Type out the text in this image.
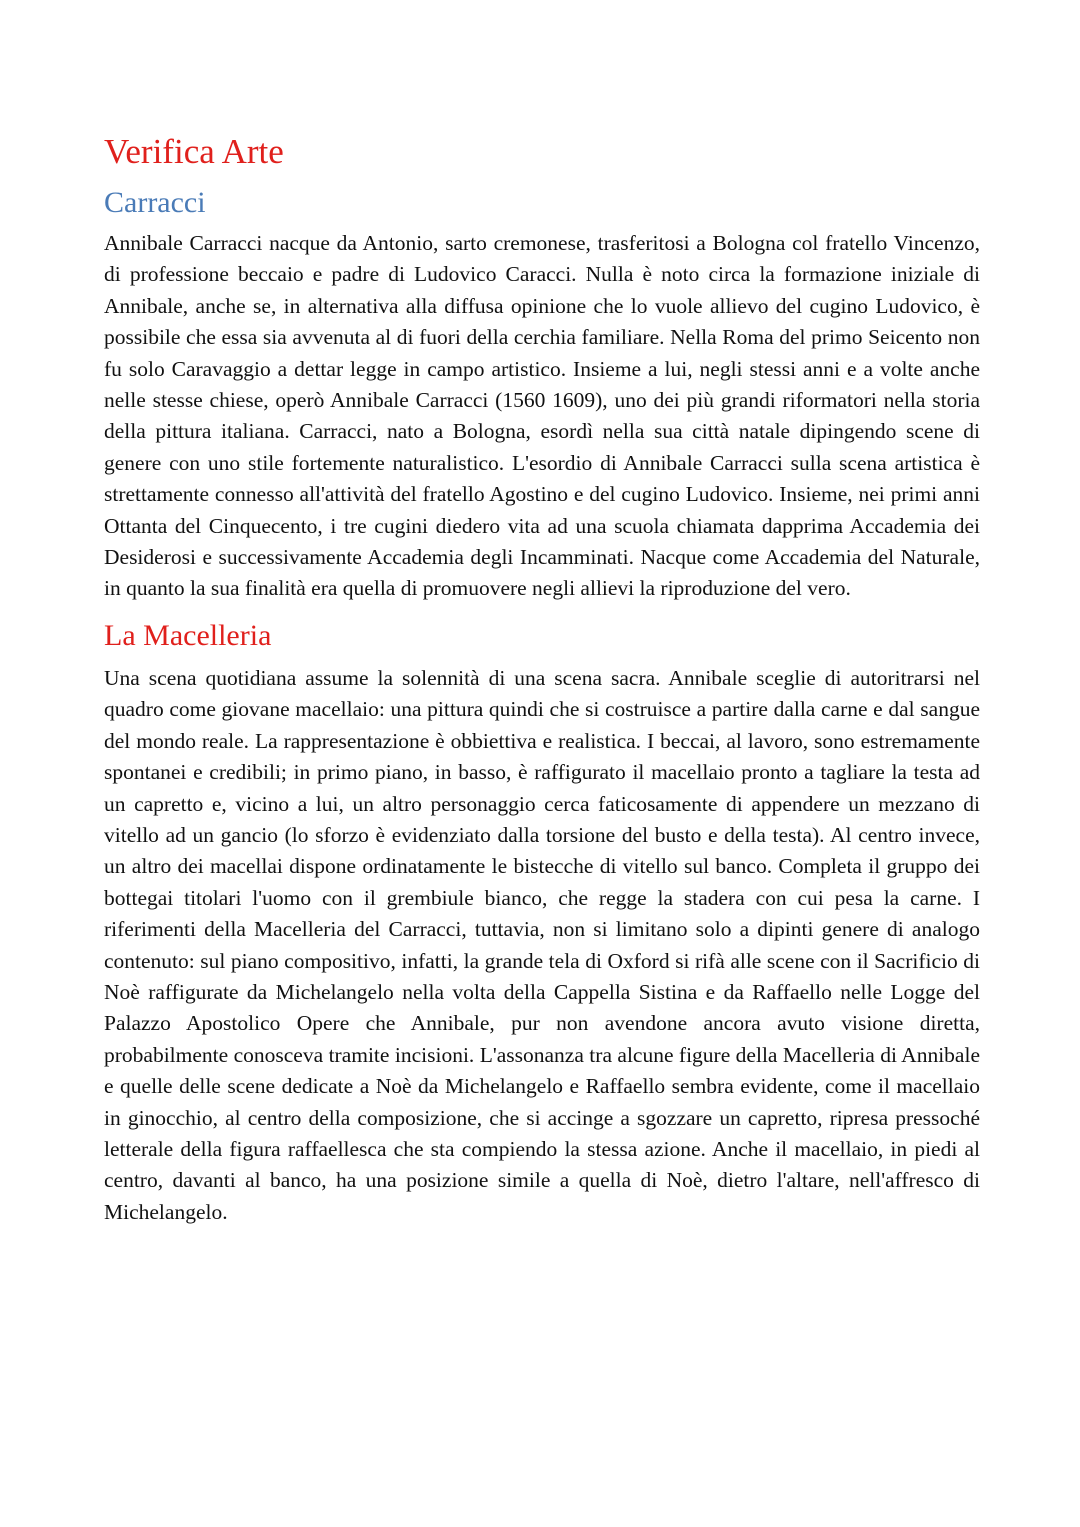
Verifica Arte
Carracci

Annibale Carracci nacque da Antonio, sarto cremonese, trasferitosi a Bologna col fratello Vincenzo, di professione beccaio e padre di Ludovico Caracci. Nulla è noto circa la formazione iniziale di Annibale, anche se, in alternativa alla diffusa opinione che lo vuole allievo del cugino Ludovico, è possibile che essa sia avvenuta al di fuori della cerchia familiare. Nella Roma del primo Seicento non fu solo Caravaggio a dettar legge in campo artistico. Insieme a lui, negli stessi anni e a volte anche nelle stesse chiese, operò Annibale Carracci (1560 1609), uno dei più grandi riformatori nella storia della pittura italiana. Carracci, nato a Bologna, esordì nella sua città natale dipingendo scene di genere con uno stile fortemente naturalistico. L'esordio di Annibale Carracci sulla scena artistica è strettamente connesso all'attività del fratello Agostino e del cugino Ludovico. Insieme, nei primi anni Ottanta del Cinquecento, i tre cugini diedero vita ad una scuola chiamata dapprima Accademia dei Desiderosi e successivamente Accademia degli Incamminati. Nacque come Accademia del Naturale, in quanto la sua finalità era quella di promuovere negli allievi la riproduzione del vero.

La Macelleria

Una scena quotidiana assume la solennità di una scena sacra. Annibale sceglie di autoritrarsi nel quadro come giovane macellaio: una pittura quindi che si costruisce a partire dalla carne e dal sangue del mondo reale. La rappresentazione è obbiettiva e realistica. I beccai, al lavoro, sono estremamente spontanei e credibili; in primo piano, in basso, è raffigurato il macellaio pronto a tagliare la testa ad un capretto e, vicino a lui, un altro personaggio cerca faticosamente di appendere un mezzano di vitello ad un gancio (lo sforzo è evidenziato dalla torsione del busto e della testa). Al centro invece, un altro dei macellai dispone ordinatamente le bistecche di vitello sul banco. Completa il gruppo dei bottegai titolari l'uomo con il grembiule bianco, che regge la stadera con cui pesa la carne. I riferimenti della Macelleria del Carracci, tuttavia, non si limitano solo a dipinti genere di analogo contenuto: sul piano compositivo, infatti, la grande tela di Oxford si rifà alle scene con il Sacrificio di Noè raffigurate da Michelangelo nella volta della Cappella Sistina e da Raffaello nelle Logge del Palazzo Apostolico Opere che Annibale, pur non avendone ancora avuto visione diretta, probabilmente conosceva tramite incisioni. L'assonanza tra alcune figure della Macelleria di Annibale e quelle delle scene dedicate a Noè da Michelangelo e Raffaello sembra evidente, come il macellaio in ginocchio, al centro della composizione, che si accinge a sgozzare un capretto, ripresa pressoché letterale della figura raffaellesca che sta compiendo la stessa azione. Anche il macellaio, in piedi al centro, davanti al banco, ha una posizione simile a quella di Noè, dietro l'altare, nell'affresco di Michelangelo.
